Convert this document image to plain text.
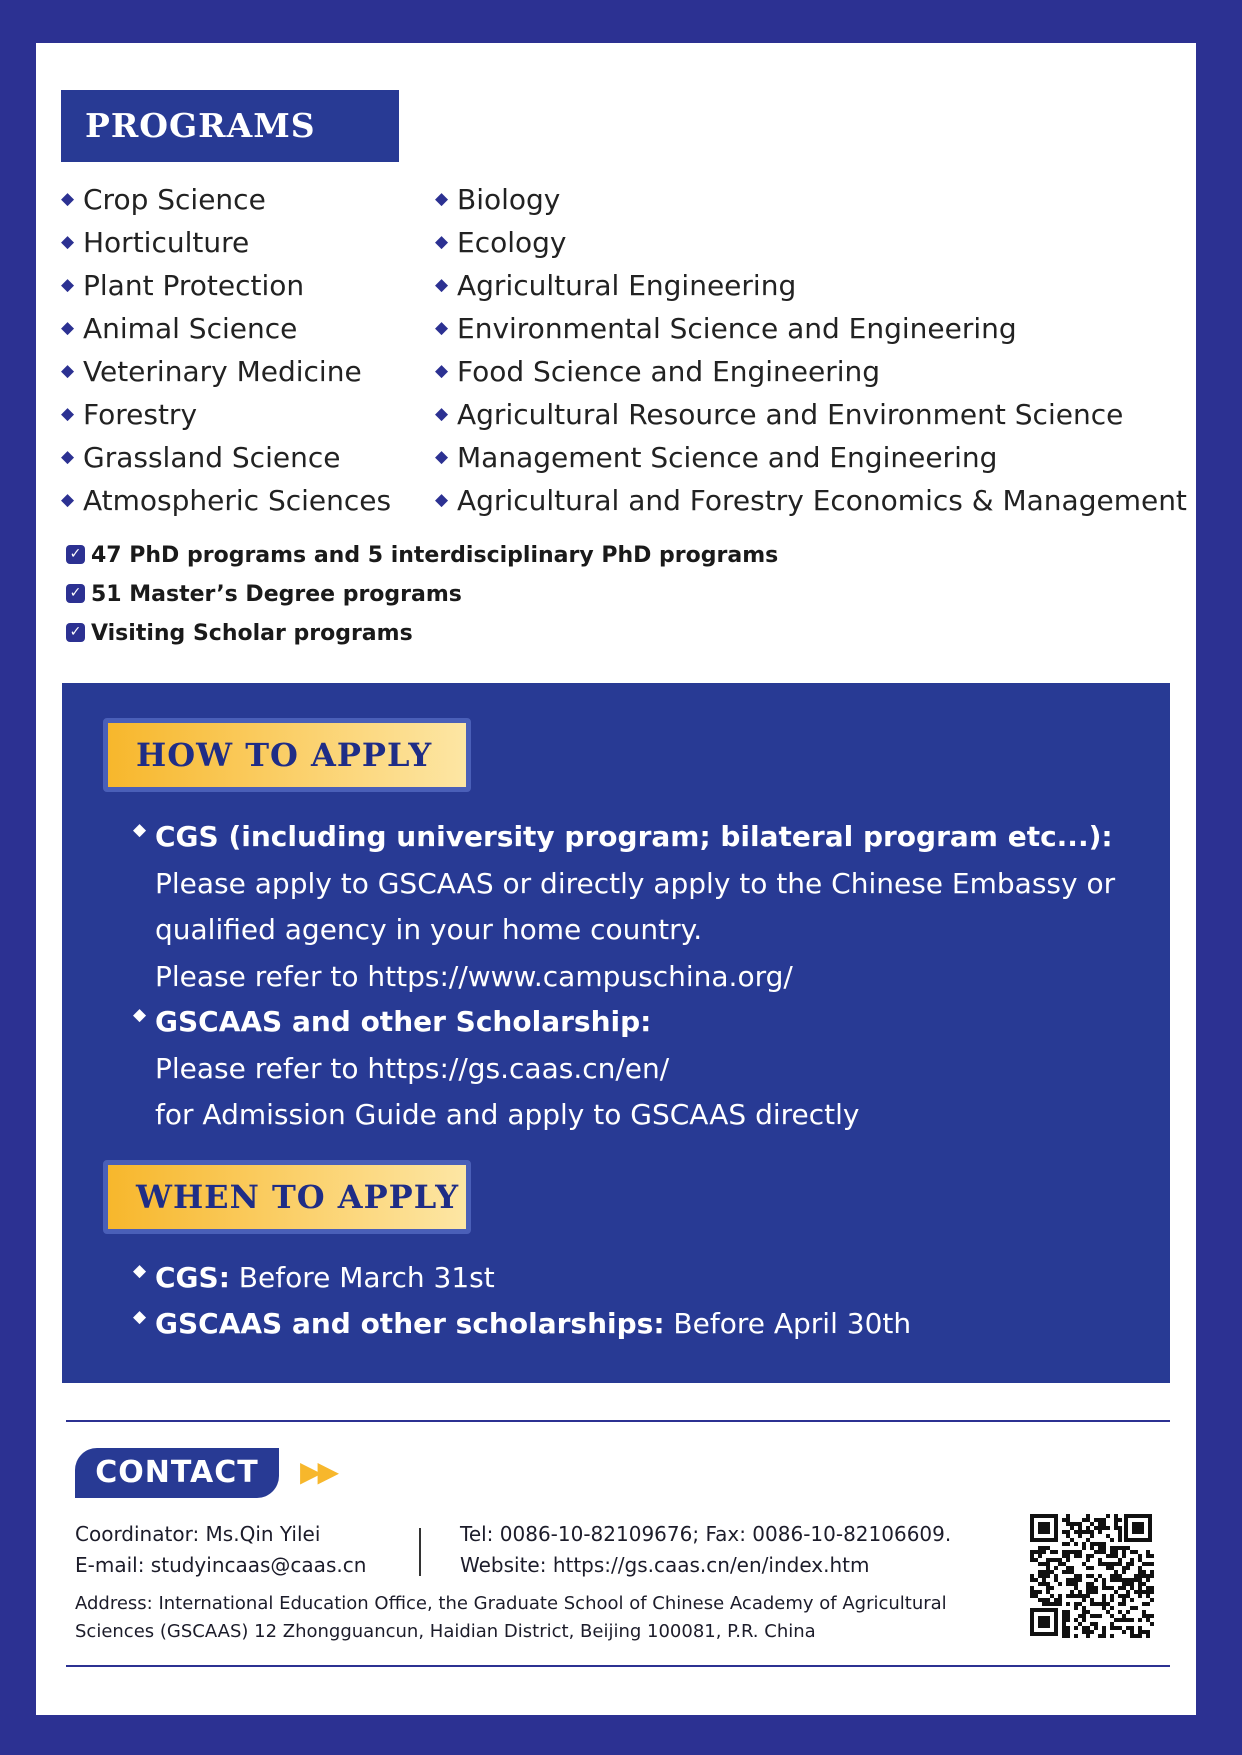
PROGRAMS
◆ Crop Science
◆ Horticulture
◆ Plant Protection
◆ Animal Science
◆ Veterinary Medicine
◆ Forestry
◆ Grassland Science
◆ Atmospheric Sciences
◆ Biology
◆ Ecology
◆ Agricultural Engineering
◆ Environmental Science and Engineering
◆ Food Science and Engineering
◆ Agricultural Resource and Environment Science
◆ Management Science and Engineering
◆ Agricultural and Forestry Economics & Management
✓ 47 PhD programs and 5 interdisciplinary PhD programs
✓ 51 Master’s Degree programs
✓ Visiting Scholar programs
HOW TO APPLY
◆ CGS (including university program; bilateral program etc...):
Please apply to GSCAAS or directly apply to the Chinese Embassy or
qualified agency in your home country.
Please refer to https://www.campuschina.org/
◆ GSCAAS and other Scholarship:
Please refer to https://gs.caas.cn/en/
for Admission Guide and apply to GSCAAS directly
WHEN TO APPLY
◆ CGS: Before March 31st
◆ GSCAAS and other scholarships: Before April 30th
CONTACT	▶▶
Coordinator: Ms.Qin Yilei
E-mail: studyincaas@caas.cn
Tel: 0086-10-82109676; Fax: 0086-10-82106609.
Website: https://gs.caas.cn/en/index.htm
Address: International Education Office, the Graduate School of Chinese Academy of Agricultural
Sciences (GSCAAS) 12 Zhongguancun, Haidian District, Beijing 100081, P.R. China
